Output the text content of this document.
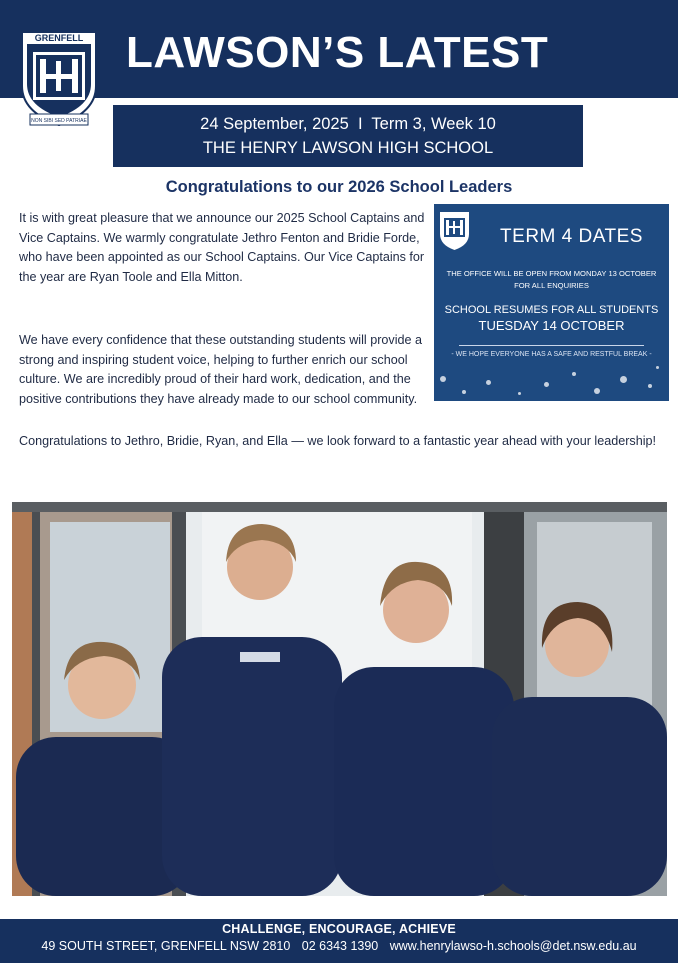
GRENFELL
NON SIBI SED PATRIAE
LAWSON’S LATEST
24 September, 2025  I  Term 3, Week 10
THE HENRY LAWSON HIGH SCHOOL
Congratulations to our 2026 School Leaders
It is with great pleasure that we announce our 2025 School Captains and Vice Captains. We warmly congratulate Jethro Fenton and Bridie Forde, who have been appointed as our School Captains. Our Vice Captains for the year are Ryan Toole and Ella Mitton.
We have every confidence that these outstanding students will provide a strong and inspiring student voice, helping to further enrich our school culture. We are incredibly proud of their hard work, dedication, and the positive contributions they have already made to our school community.
Congratulations to Jethro, Bridie, Ryan, and Ella — we look forward to a fantastic year ahead with your leadership!
TERM 4 DATES
THE OFFICE WILL BE OPEN FROM MONDAY 13 OCTOBER FOR ALL ENQUIRIES
SCHOOL RESUMES FOR ALL STUDENTS
TUESDAY 14 OCTOBER
- WE HOPE EVERYONE HAS A SAFE AND RESTFUL BREAK -
CHALLENGE, ENCOURAGE, ACHIEVE
49 SOUTH STREET, GRENFELL NSW 2810 02 6343 1390 www.henrylawso-h.schools@det.nsw.edu.au
